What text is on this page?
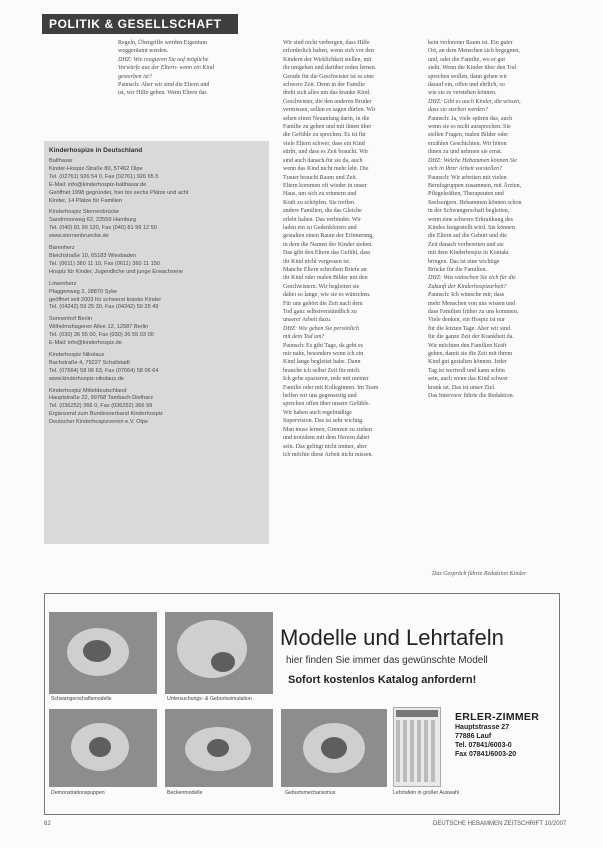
POLITIK & GESELLSCHAFT

Regeln, Übergriffe werden Eigentum

weggeräumt werden.

DHZ: Wie reagieren Sie auf mögliche

Vorwürfe aus der Eltern- wenn ein Kind

gestorben ist?

Paunsch: Aber wir sind die Eltern und

ist, wir Hilfe geben. Wenn Eltern das

Kinderhospize in Deutschland

Balthasar

Kinder-Hospiz-Straße 80, 57462 Olpe

Tel. (02761) 926 54 0, Fax (02761) 926 65 5

E-Mail: info@kinderhospiz-balthasar.de

Geöffnet 1998 gegründet, hier bis sechs Plätze und acht

Kinder, 14 Plätze für Familien

Kinderhospiz Sternenbrücke

Sandmoorweg 62, 22559 Hamburg

Tel. (040) 81 99 120, Fax (040) 81 99 12 50

www.sternenbruecke.de

Bärenherz

Bleichstraße 10, 65183 Wiesbaden

Tel. (0611) 360 11 10, Fax (0611) 360 11 150

Hospiz für Kinder, Jugendliche und junge Erwachsene

Löwenherz

Plaggenweg 2, 28870 Syke

geöffnet seit 2003 für schwerst kranke Kinder

Tel. (04242) 59 25 30, Fax (04242) 59 25 49

Sonnenhof Berlin

Wilhelmshagener Allee 12, 12587 Berlin

Tel. (030) 36 55 00, Fax (030) 36 55 03 00

E-Mail: info@kinderhospiz.de

Kinderhospiz Nikolaus

Bachstraße 4, 79227 Schallstadt

Tel. (07664) 58 06 63, Fax (07664) 58 06 64

www.kinderhospiz-nikolaus.de

Kinderhospiz Mitteldeutschland

Hauptstraße 22, 99768 Tambach-Dietharz

Tel. (036252) 366 0, Fax (036252) 366 99

Ergänzend zum Bundesverband Kinderhospiz

Deutscher Kinderhospizverein e.V. Olpe

Wir sind nicht verbergen, dass Hilfe

erforderlich haben, wenn sich vor den

Kindern der Wirklichkeit stellen, mit

ihr umgehen und darüber reden lernen.

Gerade für die Geschwister ist es eine

schwere Zeit. Denn in der Familie

dreht sich alles um das kranke Kind.

Geschwister, die den anderen Bruder

vermissen, sollen es sagen dürfen. Wir

sehen einen Neuanfang darin, in die

Familie zu gehen und mit ihnen über

die Gefühle zu sprechen. Es ist für

viele Eltern schwer, dass ein Kind

stirbt, und dass es Zeit braucht. Wir

sind auch danach für sie da, auch

wenn das Kind nicht mehr lebt. Die

Trauer braucht Raum und Zeit.

Eltern kommen oft wieder in unser

Haus, um sich zu erinnern und

Kraft zu schöpfen. Sie treffen

andere Familien, die das Gleiche

erlebt haben. Das verbindet. Wir

laden ein zu Gedenkfeiern und

gestalten einen Raum der Erinnerung,

in dem die Namen der Kinder stehen.

Das gibt den Eltern das Gefühl, dass

ihr Kind nicht vergessen ist.

Manche Eltern schreiben Briefe an

ihr Kind oder malen Bilder mit den

Geschwistern. Wir begleiten sie

dabei so lange, wie sie es wünschen.

Für uns gehört die Zeit nach dem

Tod ganz selbstverständlich zu

unserer Arbeit dazu.

DHZ: Wie gehen Sie persönlich

mit dem Tod um?

Paunsch: Es gibt Tage, da geht es

mir nahe, besonders wenn ich ein

Kind lange begleitet habe. Dann

brauche ich selbst Zeit für mich.

Ich gehe spazieren, rede mit meiner

Familie oder mit Kolleginnen. Im Team

helfen wir uns gegenseitig und

sprechen offen über unsere Gefühle.

Wir haben auch regelmäßige

Supervision. Das ist sehr wichtig.

Man muss lernen, Grenzen zu ziehen

und trotzdem mit dem Herzen dabei

sein. Das gelingt nicht immer, aber

ich möchte diese Arbeit nicht missen.

kein verlorener Raum ist. Ein guter

Ort, an dem Menschen sich begegnen,

und, oder die Familie, wo er gut

sieht. Wenn die Kinder über den Tod

sprechen wollen, dann gehen wir

darauf ein, offen und ehrlich, so

wie sie es verstehen können.

DHZ: Gibt es auch Kinder, die wissen,

dass sie sterben werden?

Paunsch: Ja, viele spüren das, auch

wenn sie es nicht aussprechen. Sie

stellen Fragen, malen Bilder oder

erzählen Geschichten. Wir hören

ihnen zu und nehmen sie ernst.

DHZ: Welche Hebammen können Sie

sich in Ihrer Arbeit vorstellen?

Paunsch: Wir arbeiten mit vielen

Berufsgruppen zusammen, mit Ärzten,

Pflegekräften, Therapeuten und

Seelsorgern. Hebammen können schon

in der Schwangerschaft begleiten,

wenn eine schwere Erkrankung des

Kindes festgestellt wird. Sie können

die Eltern auf die Geburt und die

Zeit danach vorbereiten und sie

mit dem Kinderhospiz in Kontakt

bringen. Das ist eine wichtige

Brücke für die Familien.

DHZ: Was wünschen Sie sich für die

Zukunft der Kinderhospizarbeit?

Paunsch: Ich wünsche mir, dass

mehr Menschen von uns wissen und

dass Familien früher zu uns kommen.

Viele denken, ein Hospiz ist nur

für die letzten Tage. Aber wir sind

für die ganze Zeit der Krankheit da.

Wir möchten den Familien Kraft

geben, damit sie die Zeit mit ihrem

Kind gut gestalten können. Jeder

Tag ist wertvoll und kann schön

sein, auch wenn das Kind schwer

krank ist. Das ist unser Ziel.

Das Interview führte die Redaktion.

Das Gespräch führte Redaktion Kinder
Schwangerschaftsmodelle	Untersuchungs- & Geburtssimulation
Modelle und Lehrtafeln
hier finden Sie immer das gewünschte Modell
Sofort kostenlos Katalog anfordern!
Demonstrationspuppen	Beckenmodelle	Geburtsmechanismus	Lehrtafeln in großer Auswahl
ERLER-ZIMMER
Hauptstrasse 27
77886 Lauf
Tel. 07841/6003-0
Fax 07841/6003-20
62	DEUTSCHE HEBAMMEN ZEITSCHRIFT 10/2007
